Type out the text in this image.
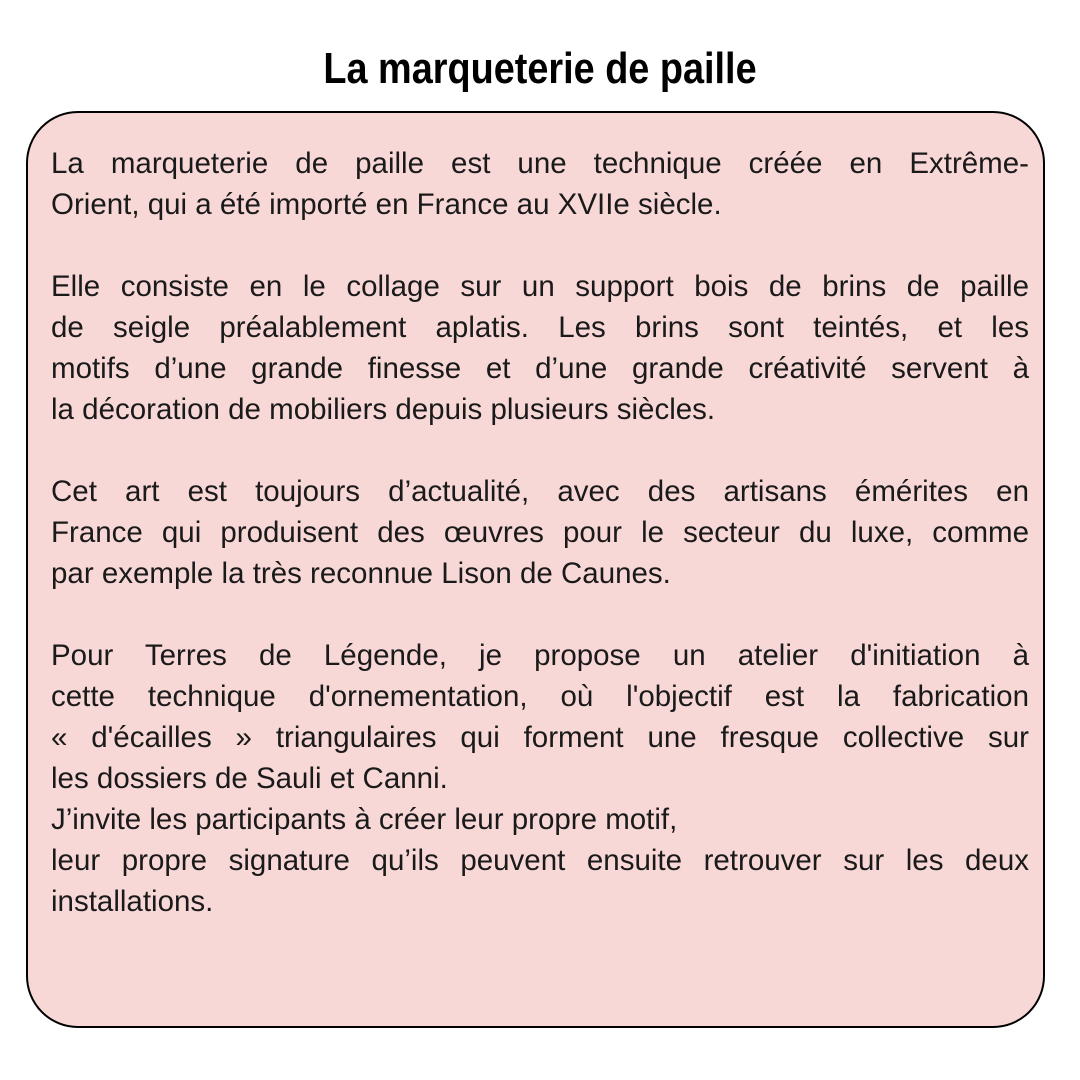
La marqueterie de paille
La marqueterie de paille est une technique créée en Extrême-
Orient, qui a été importé en France au XVIIe siècle.
Elle consiste en le collage sur un support bois de brins de paille
de seigle préalablement aplatis. Les brins sont teintés, et les
motifs d’une grande finesse et d’une grande créativité servent à
la décoration de mobiliers depuis plusieurs siècles.
Cet art est toujours d’actualité, avec des artisans émérites en
France qui produisent des œuvres pour le secteur du luxe, comme
par exemple la très reconnue Lison de Caunes.
Pour Terres de Légende, je propose un atelier d'initiation à
cette technique d'ornementation, où l'objectif est la fabrication
« d'écailles » triangulaires qui forment une fresque collective sur
les dossiers de Sauli et Canni.
J’invite les participants à créer leur propre motif,
leur propre signature qu’ils peuvent ensuite retrouver sur les deux
installations.
